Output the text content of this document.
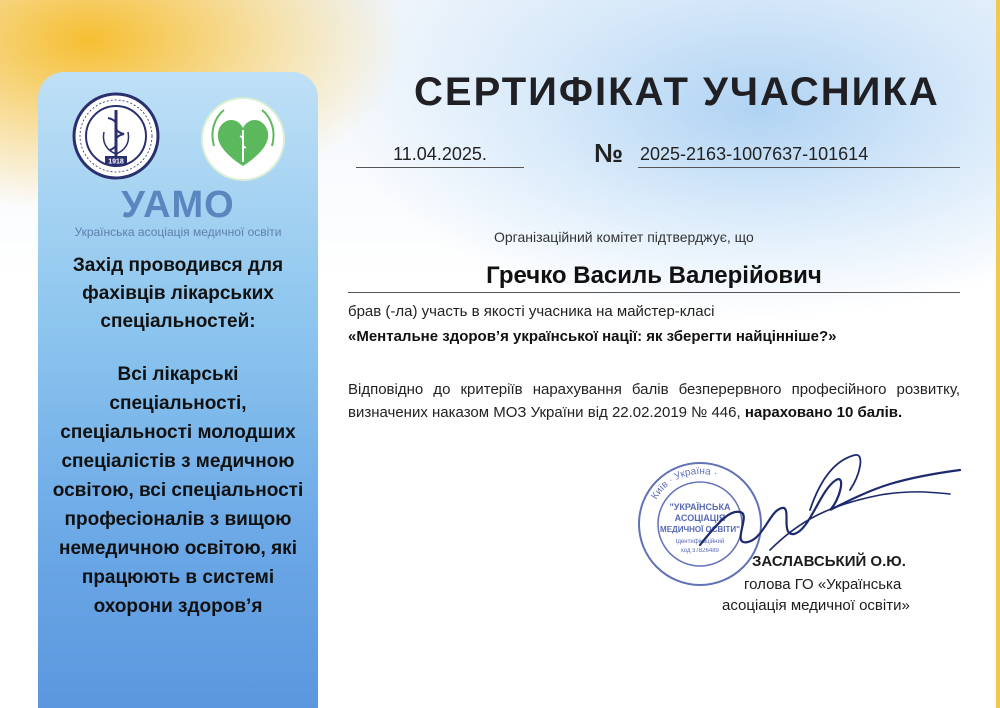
1918
УАМО
Українська асоціація медичної освіти
Захід проводився для фахівців лікарських спеціальностей:
Всі лікарські спеціальності, спеціальності молодших спеціалістів з медичною освітою, всі спеціальності професіоналів з вищою немедичною освітою, які працюють в системі охорони здоров’я
СЕРТИФІКАТ УЧАСНИКА
11.04.2025.	№ 2025-2163-1007637-101614
Організаційний комітет підтверджує, що
Гречко Василь Валерійович
брав (-ла) участь в якості учасника на майстер-класі
«Ментальне здоров’я української нації: як зберегти найцінніше?»
Відповідно до критеріїв нарахування балів безперервного професійного розвитку, визначених наказом МОЗ України від 22.02.2019 № 446, нараховано 10 балів.
Київ · Україна ·
"УКРАЇНСЬКА
АСОЦІАЦІЯ
МЕДИЧНОЇ ОСВІТИ"
Ідентифікаційний
код 37826489
ЗАСЛАВСЬКИЙ О.Ю.
голова ГО «Українська
асоціація медичної освіти»
